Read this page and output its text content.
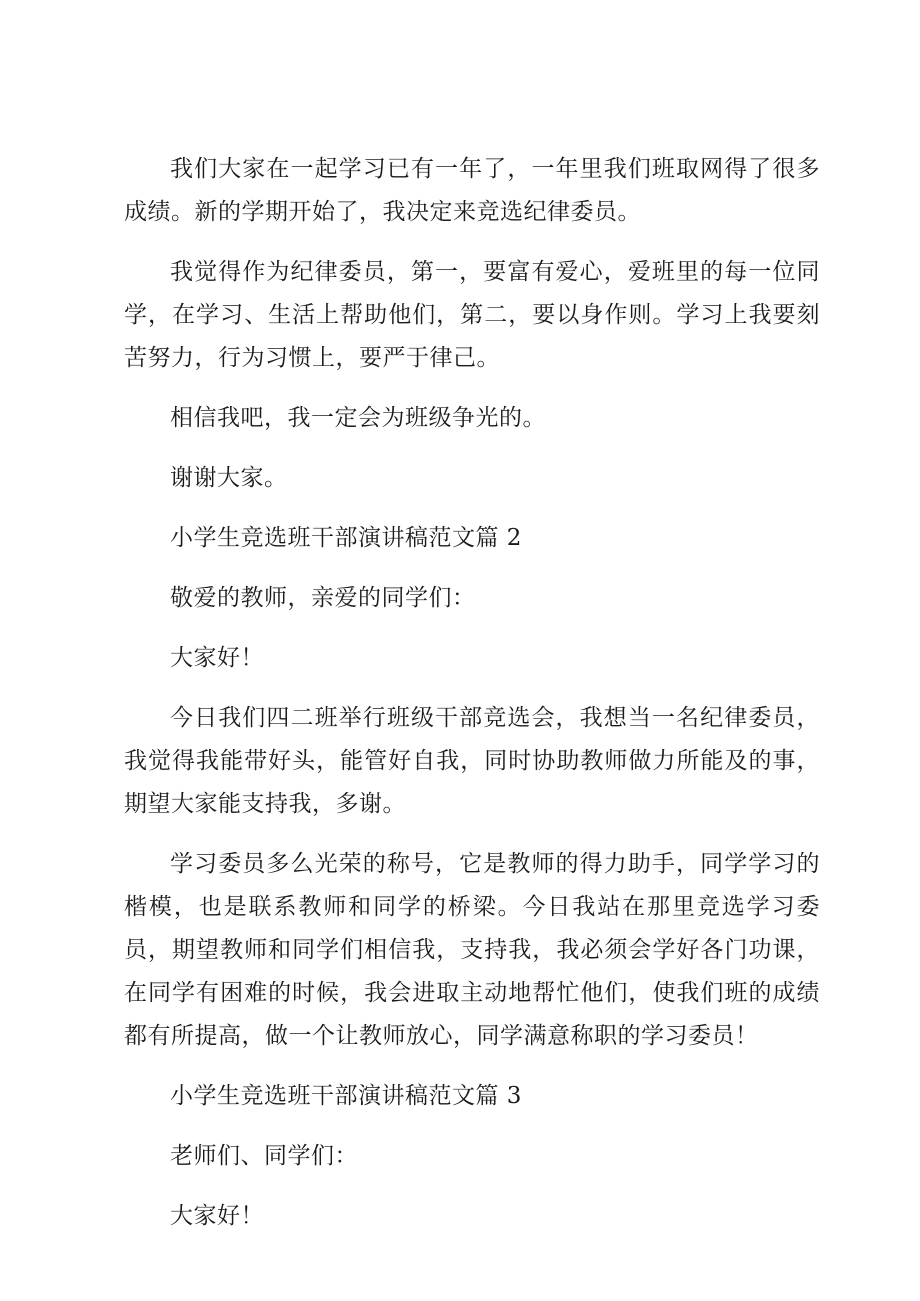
我们大家在一起学习已有一年了，一年里我们班取网得了很多成绩。新的学期开始了，我决定来竞选纪律委员。

我觉得作为纪律委员，第一，要富有爱心，爱班里的每一位同学，在学习、生活上帮助他们，第二，要以身作则。学习上我要刻苦努力，行为习惯上，要严于律己。

相信我吧，我一定会为班级争光的。

谢谢大家。

小学生竞选班干部演讲稿范文篇 2

敬爱的教师，亲爱的同学们：

大家好！

今日我们四二班举行班级干部竞选会，我想当一名纪律委员，我觉得我能带好头，能管好自我，同时协助教师做力所能及的事，期望大家能支持我，多谢。

学习委员多么光荣的称号，它是教师的得力助手，同学学习的楷模，也是联系教师和同学的桥梁。今日我站在那里竞选学习委员，期望教师和同学们相信我，支持我，我必须会学好各门功课，在同学有困难的时候，我会进取主动地帮忙他们，使我们班的成绩都有所提高，做一个让教师放心，同学满意称职的学习委员！

小学生竞选班干部演讲稿范文篇 3

老师们、同学们：

大家好！
